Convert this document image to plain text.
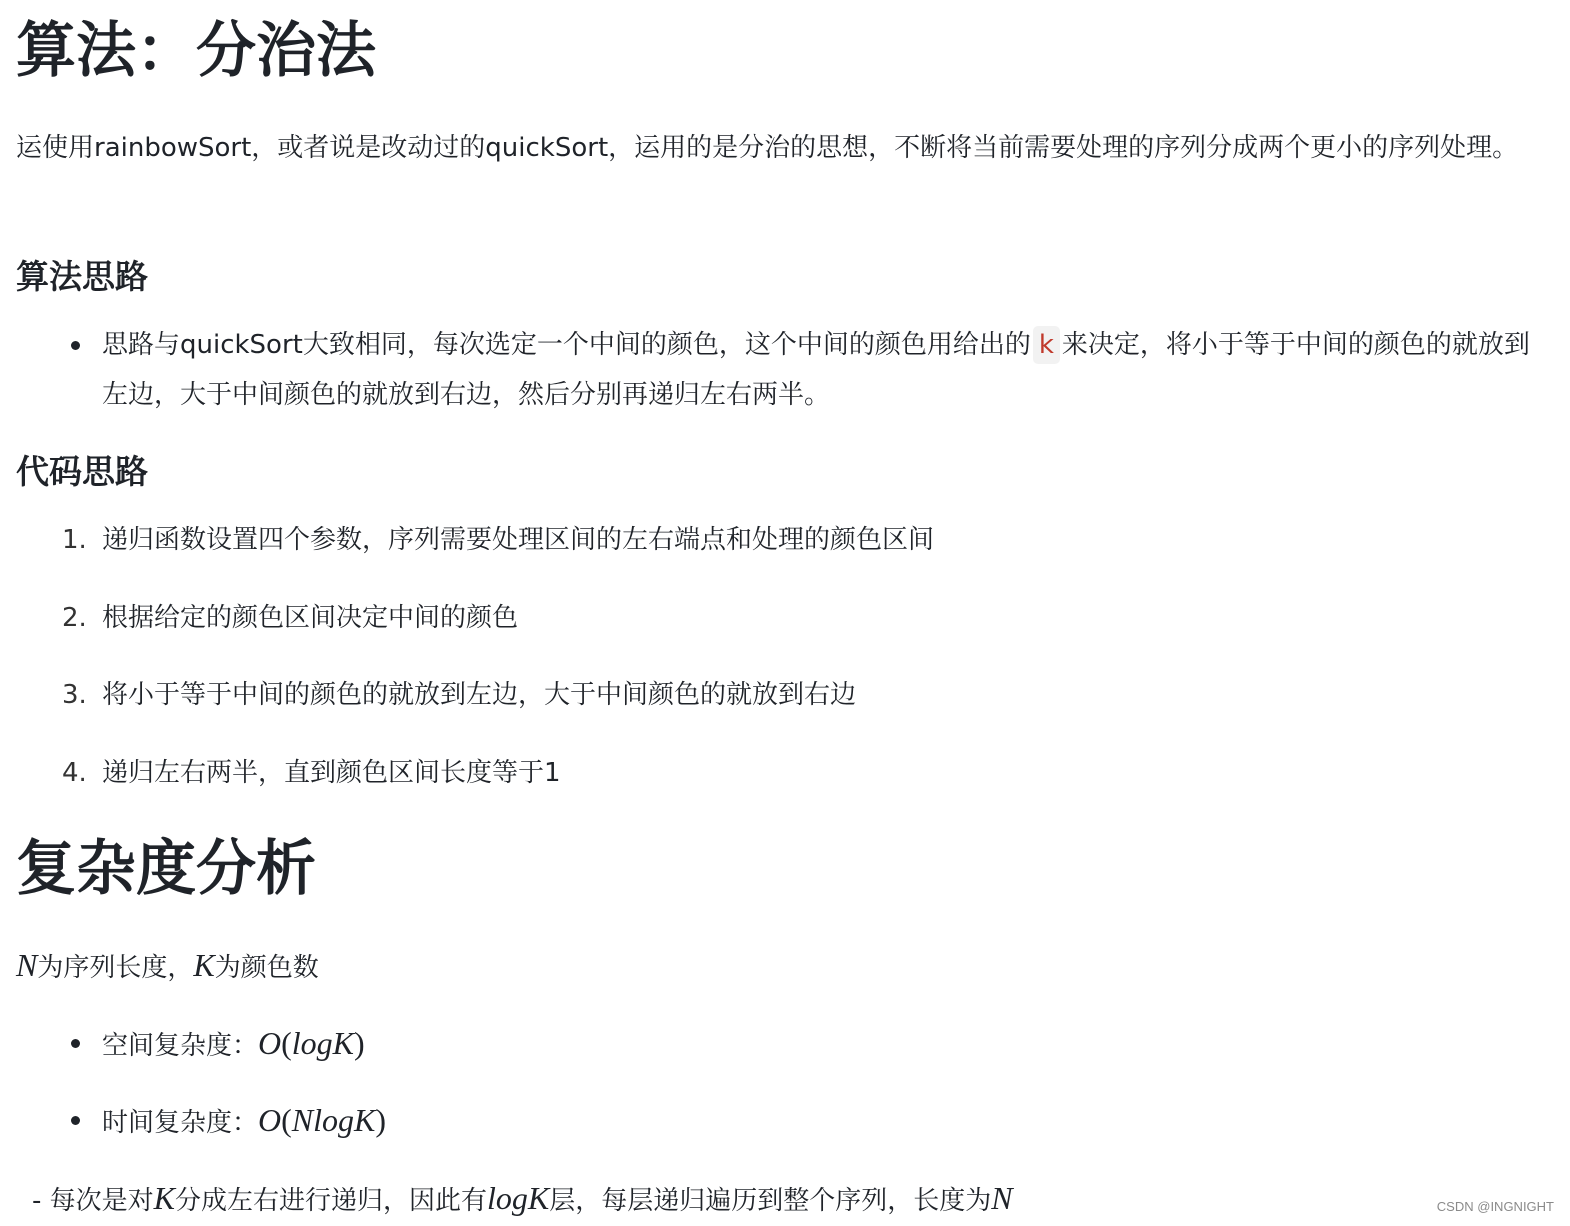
算法：分治法
运使用rainbowSort，或者说是改动过的quickSort，运用的是分治的思想，不断将当前需要处理的序列分成两个更小的序列处理。
算法思路
思路与quickSort大致相同，每次选定一个中间的颜色，这个中间的颜色用给出的 k 来决定，将小于等于中间的颜色的就放到左边，大于中间颜色的就放到右边，然后分别再递归左右两半。
代码思路
1. 递归函数设置四个参数，序列需要处理区间的左右端点和处理的颜色区间
2. 根据给定的颜色区间决定中间的颜色
3. 将小于等于中间的颜色的就放到左边，大于中间颜色的就放到右边
4. 递归左右两半，直到颜色区间长度等于1
复杂度分析
N为序列长度，K为颜色数
空间复杂度：O(logK)
时间复杂度：O(NlogK)
- 每次是对K分成左右进行递归，因此有logK层，每层递归遍历到整个序列，长度为N	CSDN @INGNIGHT
